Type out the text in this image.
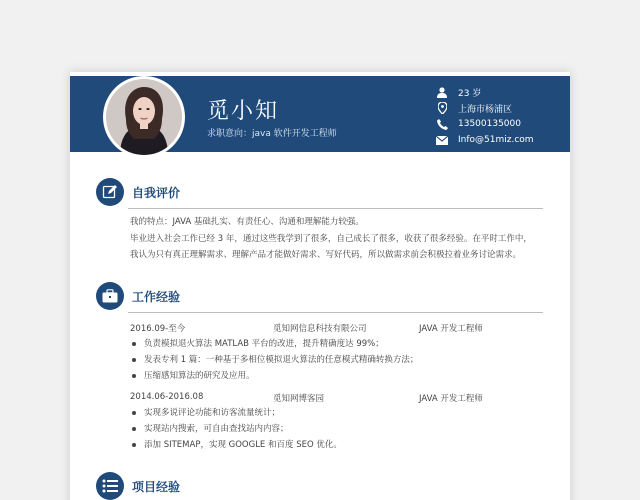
觅小知
求职意向：java 软件开发工程师
23 岁
上海市杨浦区
13500135000
Info@51miz.com
自我评价
我的特点：JAVA 基础扎实、有责任心、沟通和理解能力较强。
毕业进入社会工作已经 3 年，通过这些我学到了很多，自己成长了很多，收获了很多经验。在平时工作中，
我认为只有真正理解需求、理解产品才能做好需求、写好代码，所以做需求前会积极拉着业务讨论需求。
工作经验
2016.09-至今	觅知网信息科技有限公司	JAVA 开发工程师
负责模拟退火算法 MATLAB 平台的改进，提升精确度达 99%；
发表专利 1 篇：一种基于多相位模拟退火算法的任意模式精确转换方法；
压缩感知算法的研究及应用。
2014.06-2016.08	觅知网博客园	JAVA 开发工程师
实现多说评论功能和访客流量统计；
实现站内搜索，可自由查找站内内容；
添加 SITEMAP，实现 GOOGLE 和百度 SEO 优化。
项目经验
